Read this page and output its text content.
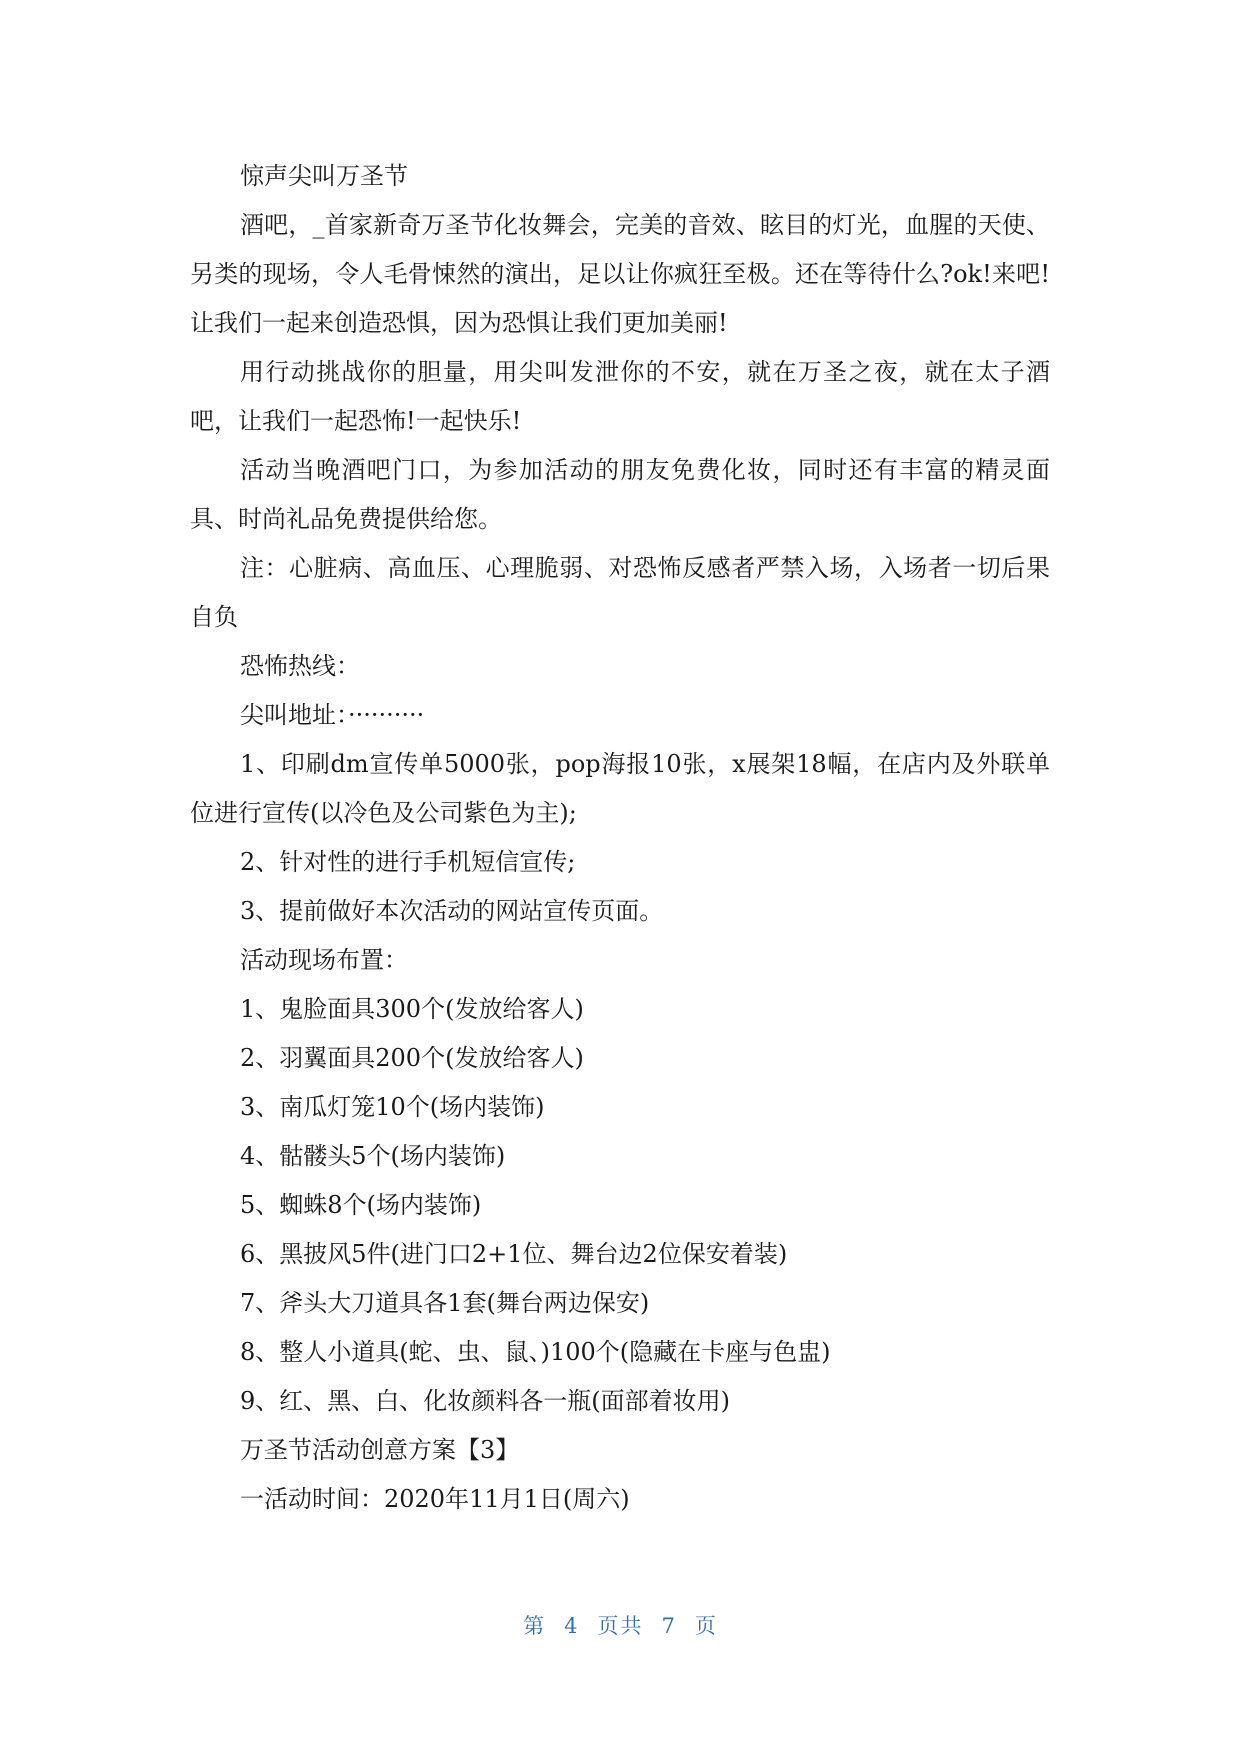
惊声尖叫万圣节

酒吧，_首家新奇万圣节化妆舞会，完美的音效、眩目的灯光，血腥的天使、另类的现场，令人毛骨悚然的演出，足以让你疯狂至极。还在等待什么?ok!来吧!让我们一起来创造恐惧，因为恐惧让我们更加美丽!

用行动挑战你的胆量，用尖叫发泄你的不安，就在万圣之夜，就在太子酒吧，让我们一起恐怖!一起快乐!

活动当晚酒吧门口，为参加活动的朋友免费化妆，同时还有丰富的精灵面具、时尚礼品免费提供给您。

注：心脏病、高血压、心理脆弱、对恐怖反感者严禁入场，入场者一切后果自负

恐怖热线：

尖叫地址：··········

1、印刷dm宣传单5000张，pop海报10张，x展架18幅，在店内及外联单位进行宣传(以冷色及公司紫色为主);

2、针对性的进行手机短信宣传;

3、提前做好本次活动的网站宣传页面。

活动现场布置：

1、鬼脸面具300个(发放给客人)

2、羽翼面具200个(发放给客人)

3、南瓜灯笼10个(场内装饰)

4、骷髅头5个(场内装饰)

5、蜘蛛8个(场内装饰)

6、黑披风5件(进门口2+1位、舞台边2位保安着装)

7、斧头大刀道具各1套(舞台两边保安)

8、整人小道具(蛇、虫、鼠、)100个(隐藏在卡座与色盅)

9、红、黑、白、化妆颜料各一瓶(面部着妆用)

万圣节活动创意方案【3】

一活动时间：2020年11月1日(周六)

第 4 页共 7 页
